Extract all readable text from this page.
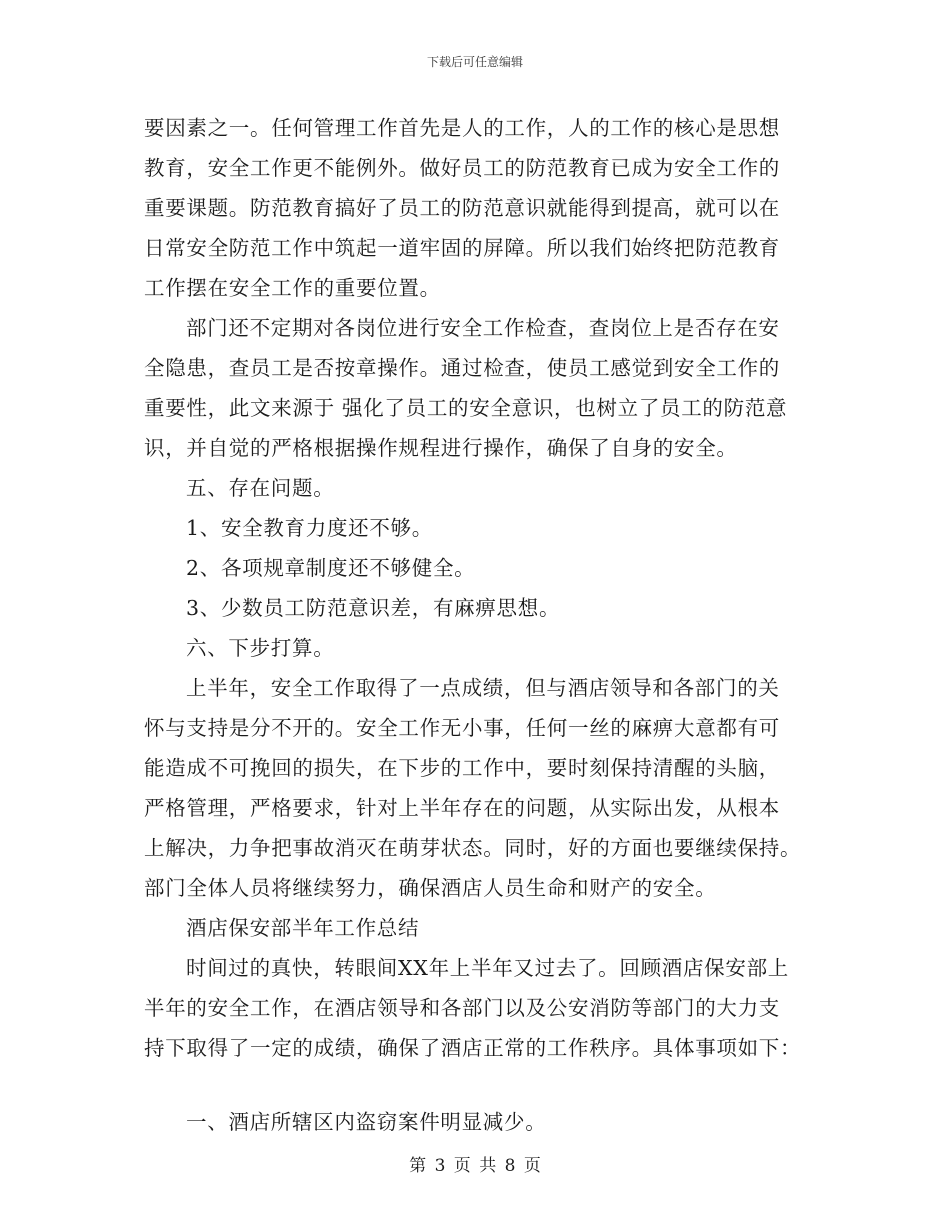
下载后可任意编辑
要因素之一。任何管理工作首先是人的工作，人的工作的核心是思想
教育，安全工作更不能例外。做好员工的防范教育已成为安全工作的
重要课题。防范教育搞好了员工的防范意识就能得到提高，就可以在
日常安全防范工作中筑起一道牢固的屏障。所以我们始终把防范教育
工作摆在安全工作的重要位置。
部门还不定期对各岗位进行安全工作检查，查岗位上是否存在安
全隐患，查员工是否按章操作。通过检查，使员工感觉到安全工作的
重要性，此文来源于 强化了员工的安全意识，也树立了员工的防范意
识，并自觉的严格根据操作规程进行操作，确保了自身的安全。
五、存在问题。
1、安全教育力度还不够。
2、各项规章制度还不够健全。
3、少数员工防范意识差，有麻痹思想。
六、下步打算。
上半年，安全工作取得了一点成绩，但与酒店领导和各部门的关
怀与支持是分不开的。安全工作无小事，任何一丝的麻痹大意都有可
能造成不可挽回的损失，在下步的工作中，要时刻保持清醒的头脑，
严格管理，严格要求，针对上半年存在的问题，从实际出发，从根本
上解决，力争把事故消灭在萌芽状态。同时，好的方面也要继续保持。
部门全体人员将继续努力，确保酒店人员生命和财产的安全。
酒店保安部半年工作总结
时间过的真快，转眼间XX年上半年又过去了。回顾酒店保安部上
半年的安全工作，在酒店领导和各部门以及公安消防等部门的大力支
持下取得了一定的成绩，确保了酒店正常的工作秩序。具体事项如下：
一、酒店所辖区内盗窃案件明显减少。
第 3 页 共 8 页
